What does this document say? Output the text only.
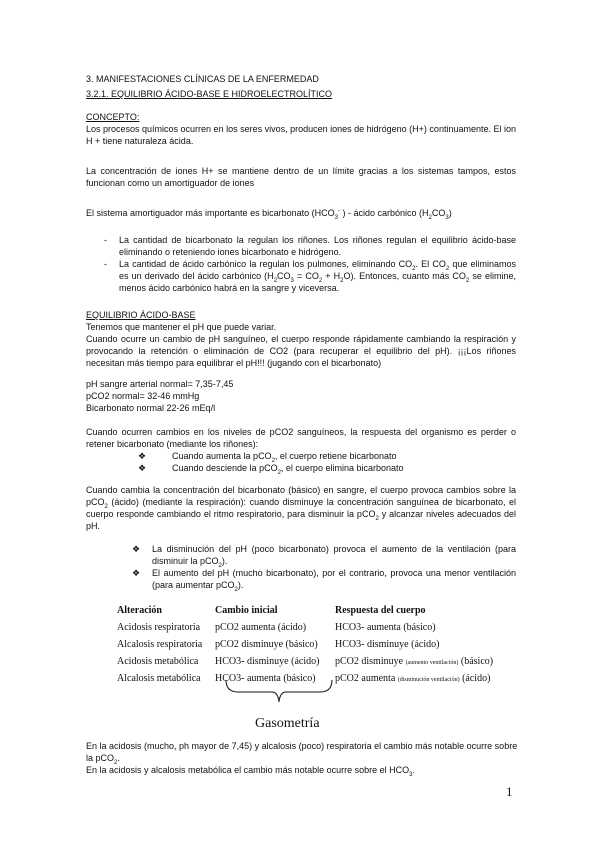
3. MANIFESTACIONES CLÍNICAS DE LA ENFERMEDAD
3.2.1. EQUILIBRIO ÁCIDO-BASE E HIDROELECTROLÍTICO
CONCEPTO:
Los procesos químicos ocurren en los seres vivos, producen iones de hidrógeno (H+) continuamente. El ion H + tiene naturaleza ácida.
La concentración de iones H+ se mantiene dentro de un límite gracias a los sistemas tampos, estos funcionan como un amortiguador de iones
El sistema amortiguador más importante es bicarbonato ($HCO_3^-$ ) - ácido carbónico $(H_2CO_3)$
- La cantidad de bicarbonato la regulan los riñones. Los riñones regulan el equilibrio ácido-base eliminando o reteniendo iones bicarbonato e hidrógeno.
- La cantidad de ácido carbónico la regulan los pulmones, eliminando $CO_2$. El $CO_2$ que eliminamos es un derivado del ácido carbónico $(H_2CO_3 = CO_2 + H_2O)$. Entonces, cuanto más $CO_2$ se elimine, menos ácido carbónico habrá en la sangre y viceversa.
EQUILIBRIO ÁCIDO-BASE
Tenemos que mantener el pH que puede variar.
Cuando ocurre un cambio de pH sanguíneo, el cuerpo responde rápidamente cambiando la respiración y provocando la retención o eliminación de CO2 (para recuperar el equilibrio del pH). ¡¡¡Los riñones necesitan más tiempo para equilibrar el pH!!! (jugando con el bicarbonato)
pH sangre arterial normal= 7,35-7,45
pCO2 normal= 32-46 mmHg
Bicarbonato normal 22-26 mEq/l
Cuando ocurren cambios en los niveles de pCO2 sanguíneos, la respuesta del organismo es perder o retener bicarbonato (mediante los riñones):
❖	Cuando aumenta la pCO$_2$, el cuerpo retiene bicarbonato
❖	Cuando desciende la pCO$_2$, el cuerpo elimina bicarbonato
Cuando cambia la concentración del bicarbonato (básico) en sangre, el cuerpo provoca cambios sobre la pCO$_2$ (ácido) (mediante la respiración): cuando disminuye la concentración sanguínea de bicarbonato, el cuerpo responde cambiando el ritmo respiratorio, para disminuir la pCO$_2$ y alcanzar niveles adecuados del pH.
❖ La disminución del pH (poco bicarbonato) provoca el aumento de la ventilación (para disminuir la pCO$_2$).
❖ El aumento del pH (mucho bicarbonato), por el contrario, provoca una menor ventilación (para aumentar pCO$_2$).
Alteración	Cambio inicial	Respuesta del cuerpo
Acidosis respiratoria	pCO2 aumenta (ácido)	HCO3- aumenta (básico)
Alcalosis respiratoria	pCO2 disminuye (básico)	HCO3- disminuye (ácido)
Acidosis metabólica	HCO3- disminuye (ácido)	pCO2 disminuye (aumento ventilación) (básico)
Alcalosis metabólica	HCO3- aumenta (básico)	pCO2 aumenta (disminución ventilación) (ácido)
Gasometría
En la acidosis (mucho, ph mayor de 7,45) y alcalosis (poco) respiratoria el cambio más notable ocurre sobre la pCO$_2$.
En la acidosis y alcalosis metabólica el cambio más notable ocurre sobre el $HCO_3$.
1
